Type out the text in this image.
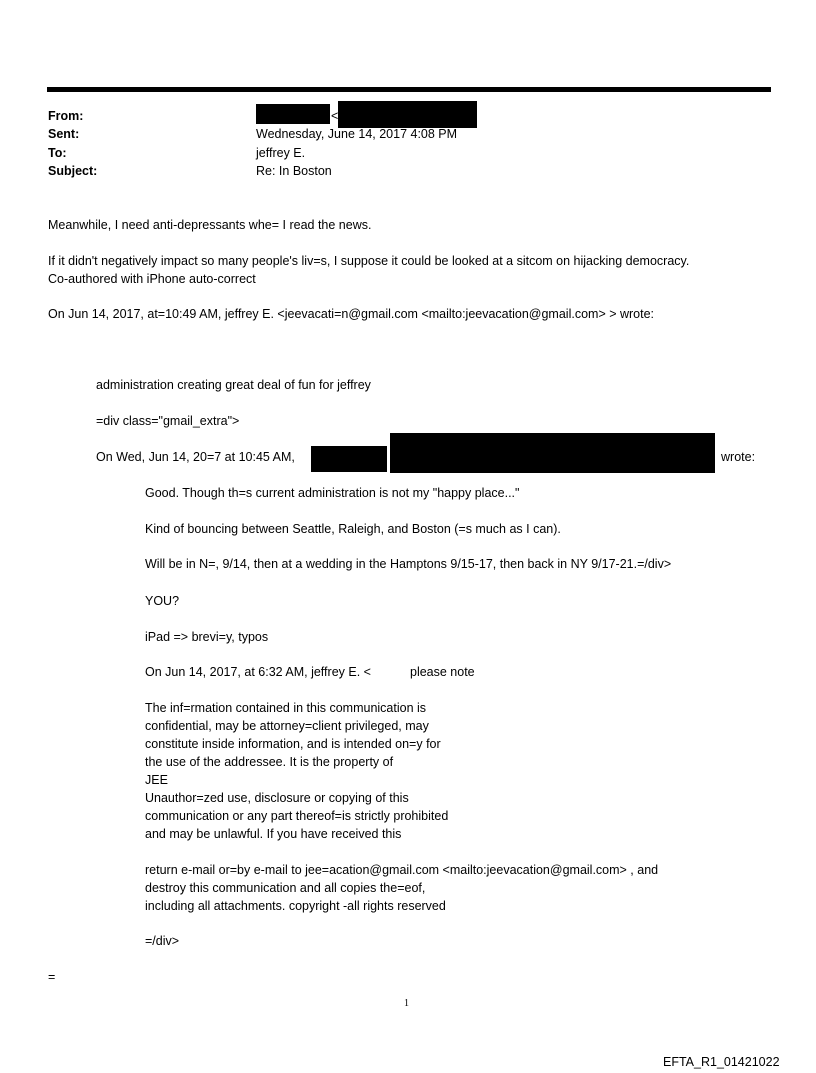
From:	<
Sent:	Wednesday, June 14, 2017 4:08 PM
To:	jeffrey E.
Subject:	Re: In Boston
Meanwhile, I need anti-depressants whe= I read the news.
If it didn't negatively impact so many people's liv=s, I suppose it could be looked at a sitcom on hijacking democracy.
Co-authored with iPhone auto-correct
On Jun 14, 2017, at=10:49 AM, jeffrey E. <jeevacati=n@gmail.com <mailto:jeevacation@gmail.com> > wrote:
administration creating great deal of fun for jeffrey
=div class="gmail_extra">
On Wed, Jun 14, 20=7 at 10:45 AM,	wrote:
Good. Though th=s current administration is not my "happy place..."
Kind of bouncing between Seattle, Raleigh, and Boston (=s much as I can).
Will be in N=, 9/14, then at a wedding in the Hamptons 9/15-17, then back in NY 9/17-21.=/div>
YOU?
iPad => brevi=y, typos
On Jun 14, 2017, at 6:32 AM, jeffrey E. <	please note
The inf=rmation contained in this communication is
confidential, may be attorney=client privileged, may
constitute inside information, and is intended on=y for
the use of the addressee. It is the property of
JEE
Unauthor=zed use, disclosure or copying of this
communication or any part thereof=is strictly prohibited
and may be unlawful. If you have received this
return e-mail or=by e-mail to jee=acation@gmail.com <mailto:jeevacation@gmail.com> , and
destroy this communication and all copies the=eof,
including all attachments. copyright -all rights reserved
=/div>
=
1
EFTA_R1_01421022
